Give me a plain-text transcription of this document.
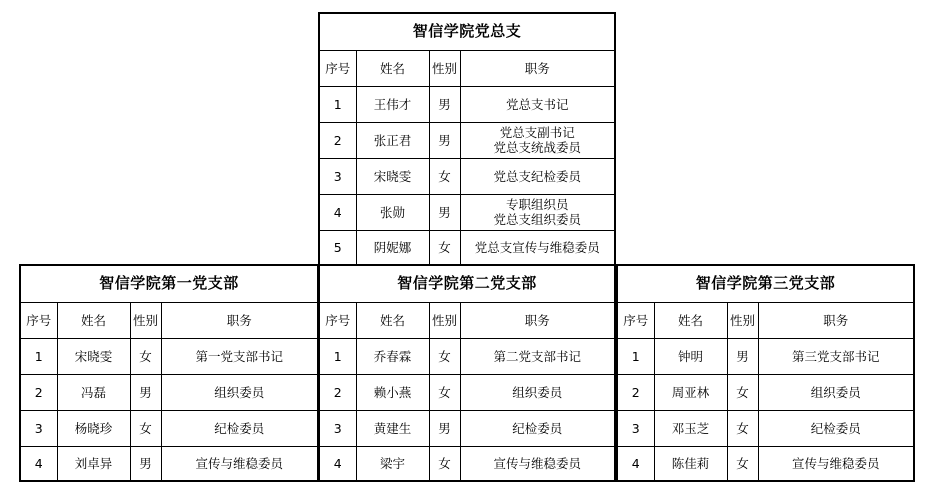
智信学院党总支			
序号	姓名	性别	职务
1	王伟才	男	党总支书记

2	张正君	男	党总支副书记
党总支统战委员

3	宋晓雯	女	党总支纪检委员

4	张勋	男	专职组织员
党总支组织委员

5	阴妮娜	女	党总支宣传与维稳委员
智信学院第一党支部			
序号	姓名	性别	职务
1	宋晓雯	女	第一党支部书记
2	冯磊	男	组织委员
3	杨晓珍	女	纪检委员
4	刘卓异	男	宣传与维稳委员
智信学院第二党支部			
序号	姓名	性别	职务
1	乔春霖	女	第二党支部书记
2	赖小燕	女	组织委员
3	黄建生	男	纪检委员
4	梁宇	女	宣传与维稳委员
智信学院第三党支部			
序号	姓名	性别	职务
1	钟明	男	第三党支部书记
2	周亚林	女	组织委员
3	邓玉芝	女	纪检委员
4	陈佳莉	女	宣传与维稳委员
